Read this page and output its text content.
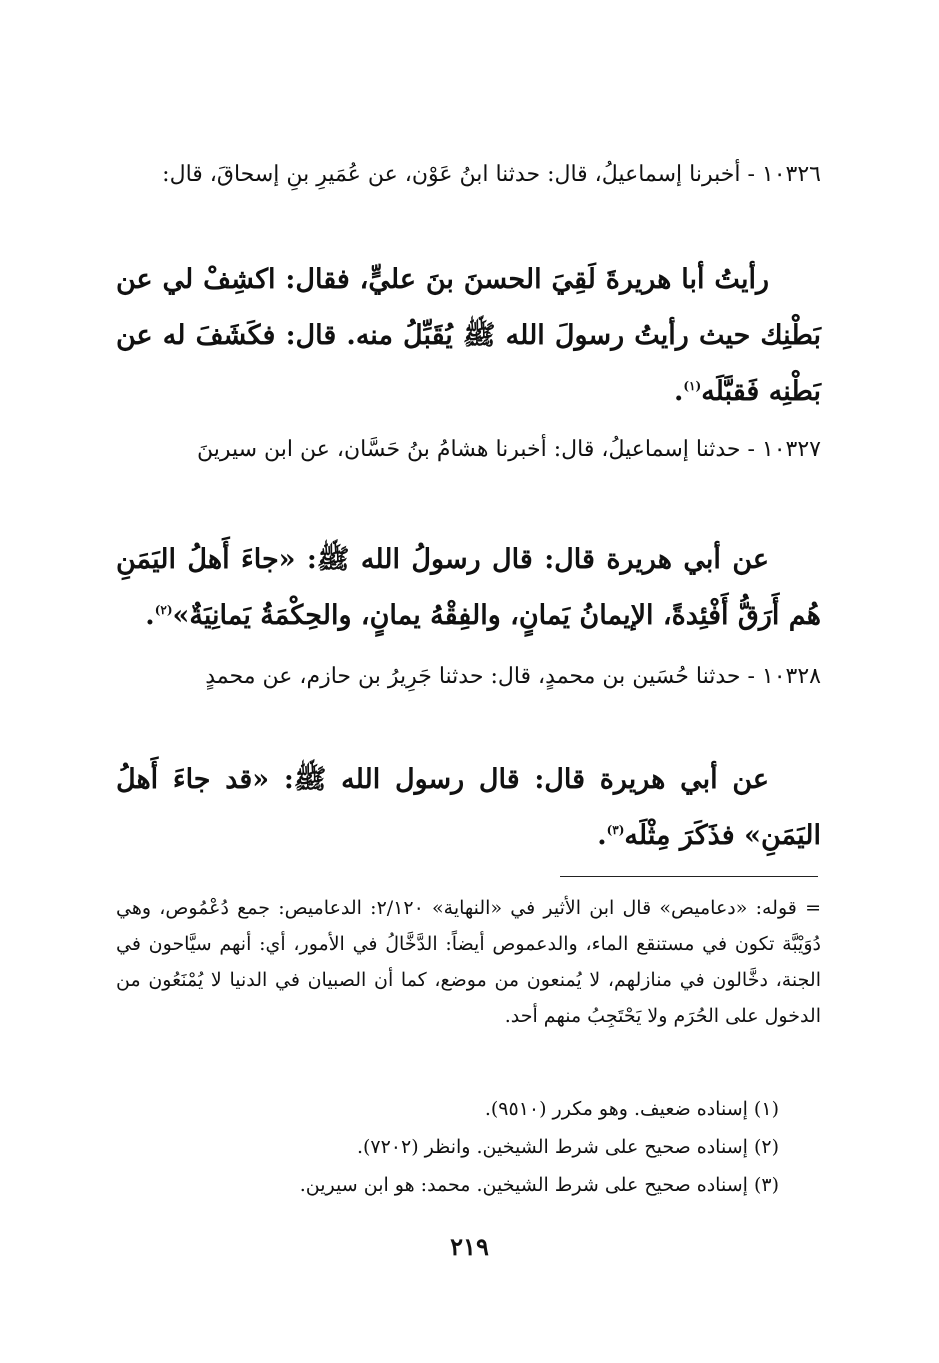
١٠٣٢٦ - أخبرنا إسماعيلُ، قال: حدثنا ابنُ عَوْن، عن عُمَيرِ بنِ إسحاقَ، قال:

رأيتُ أبا هريرةَ لَقِيَ الحسنَ بنَ عليٍّ، فقال: اكشِفْ لي عن بَطْنِك حيث رأيتُ رسولَ الله ﷺ يُقَبِّلُ منه. قال: فكَشَفَ له عن بَطْنِه فَقبَّلَه$^{(١)}$.

١٠٣٢٧ - حدثنا إسماعيلُ، قال: أخبرنا هشامُ بنُ حَسَّان، عن ابن سيرينَ

عن أبي هريرة قال: قال رسولُ الله ﷺ: «جاءَ أَهلُ اليَمَنِ هُم أَرَقُّ أَفْئِدةً، الإيمانُ يَمانٍ، والفِقْهُ يمانٍ، والحِكْمَةُ يَمانِيَةٌ»$^{(٢)}$.

١٠٣٢٨ - حدثنا حُسَين بن محمدٍ، قال: حدثنا جَرِيرُ بن حازم، عن محمدٍ

عن أبي هريرة قال: قال رسول الله ﷺ: «قد جاءَ أَهلُ اليَمَنِ» فذَكَرَ مِثْلَه$^{(٣)}$.

= قوله: «دعاميص» قال ابن الأثير في «النهاية» ٢/١٢٠: الدعاميص: جمع دُعْمُوص، وهي دُوَيْبَّة تكون في مستنقع الماء، والدعموص أيضاً: الدَّخَّالُ في الأمور، أي: أنهم سيَّاحون في الجنة، دخَّالون في منازلهم، لا يُمنعون من موضع، كما أن الصبيان في الدنيا لا يُمْنَعُون من الدخول على الحُرَم ولا يَحْتَجِبُ منهم أحد.

(١) إسناده ضعيف. وهو مكرر (٩٥١٠).

(٢) إسناده صحيح على شرط الشيخين. وانظر (٧٢٠٢).

(٣) إسناده صحيح على شرط الشيخين. محمد: هو ابن سيرين.

٢١٩
